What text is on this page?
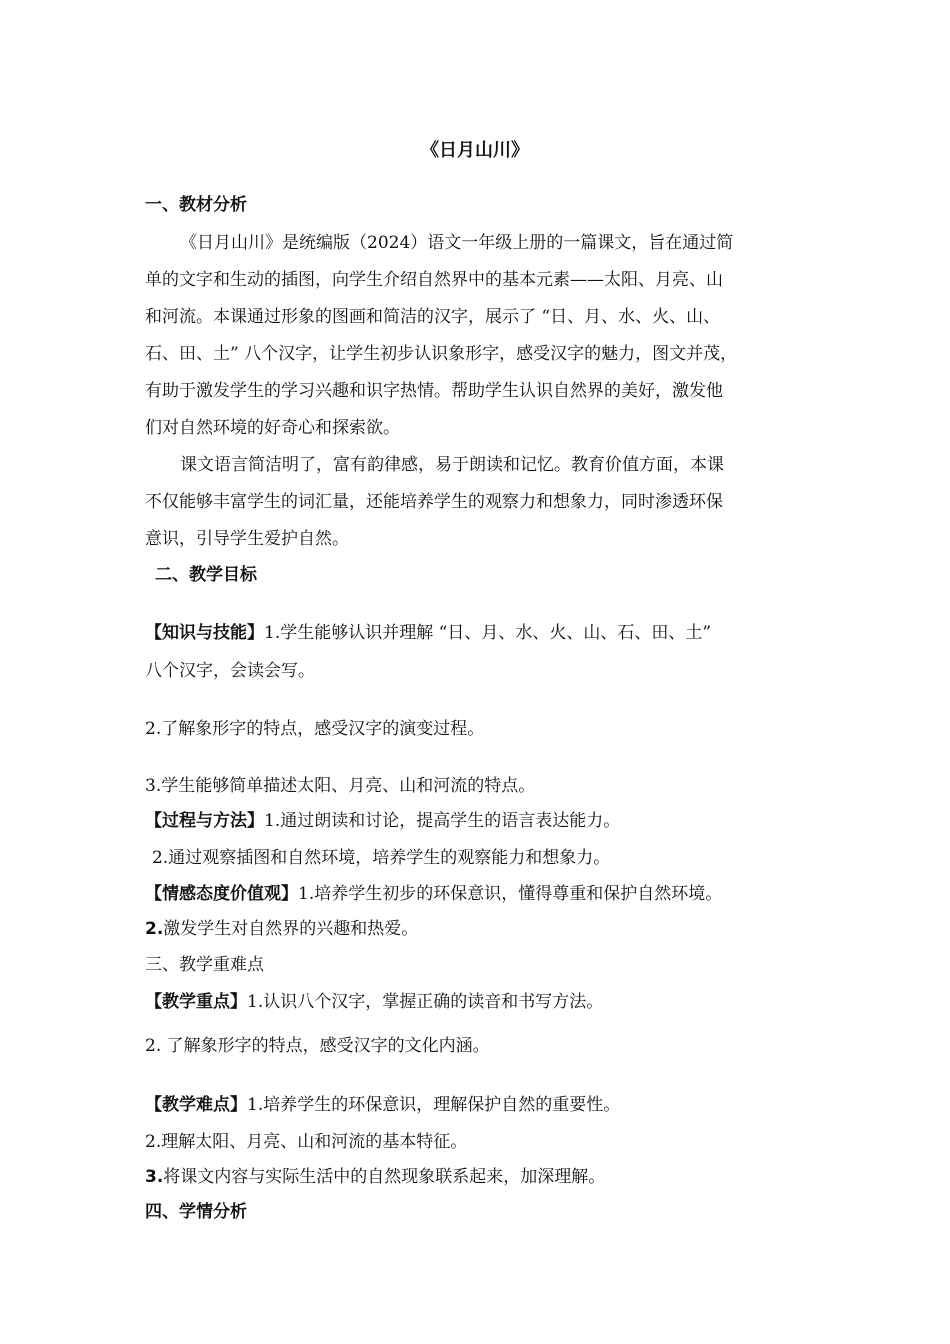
《日月山川》
一、教材分析
《日月山川》是统编版（2024）语文一年级上册的一篇课文，旨在通过简
单的文字和生动的插图，向学生介绍自然界中的基本元素——太阳、月亮、山
和河流。本课通过形象的图画和简洁的汉字，展示了 “日、月、水、火、山、
石、田、土” 八个汉字，让学生初步认识象形字，感受汉字的魅力，图文并茂，
有助于激发学生的学习兴趣和识字热情。帮助学生认识自然界的美好，激发他
们对自然环境的好奇心和探索欲。
课文语言简洁明了，富有韵律感，易于朗读和记忆。教育价值方面，本课
不仅能够丰富学生的词汇量，还能培养学生的观察力和想象力，同时渗透环保
意识，引导学生爱护自然。
二、教学目标
【知识与技能】1.学生能够认识并理解 “日、月、水、火、山、石、田、土”
八个汉字，会读会写。
2.了解象形字的特点，感受汉字的演变过程。
3.学生能够简单描述太阳、月亮、山和河流的特点。
【过程与方法】1.通过朗读和讨论，提高学生的语言表达能力。
2.通过观察插图和自然环境，培养学生的观察能力和想象力。
【情感态度价值观】1.培养学生初步的环保意识，懂得尊重和保护自然环境。
2.激发学生对自然界的兴趣和热爱。
三、教学重难点
【教学重点】1.认识八个汉字，掌握正确的读音和书写方法。
2. 了解象形字的特点，感受汉字的文化内涵。
【教学难点】1.培养学生的环保意识，理解保护自然的重要性。
2.理解太阳、月亮、山和河流的基本特征。
3.将课文内容与实际生活中的自然现象联系起来，加深理解。
四、学情分析
